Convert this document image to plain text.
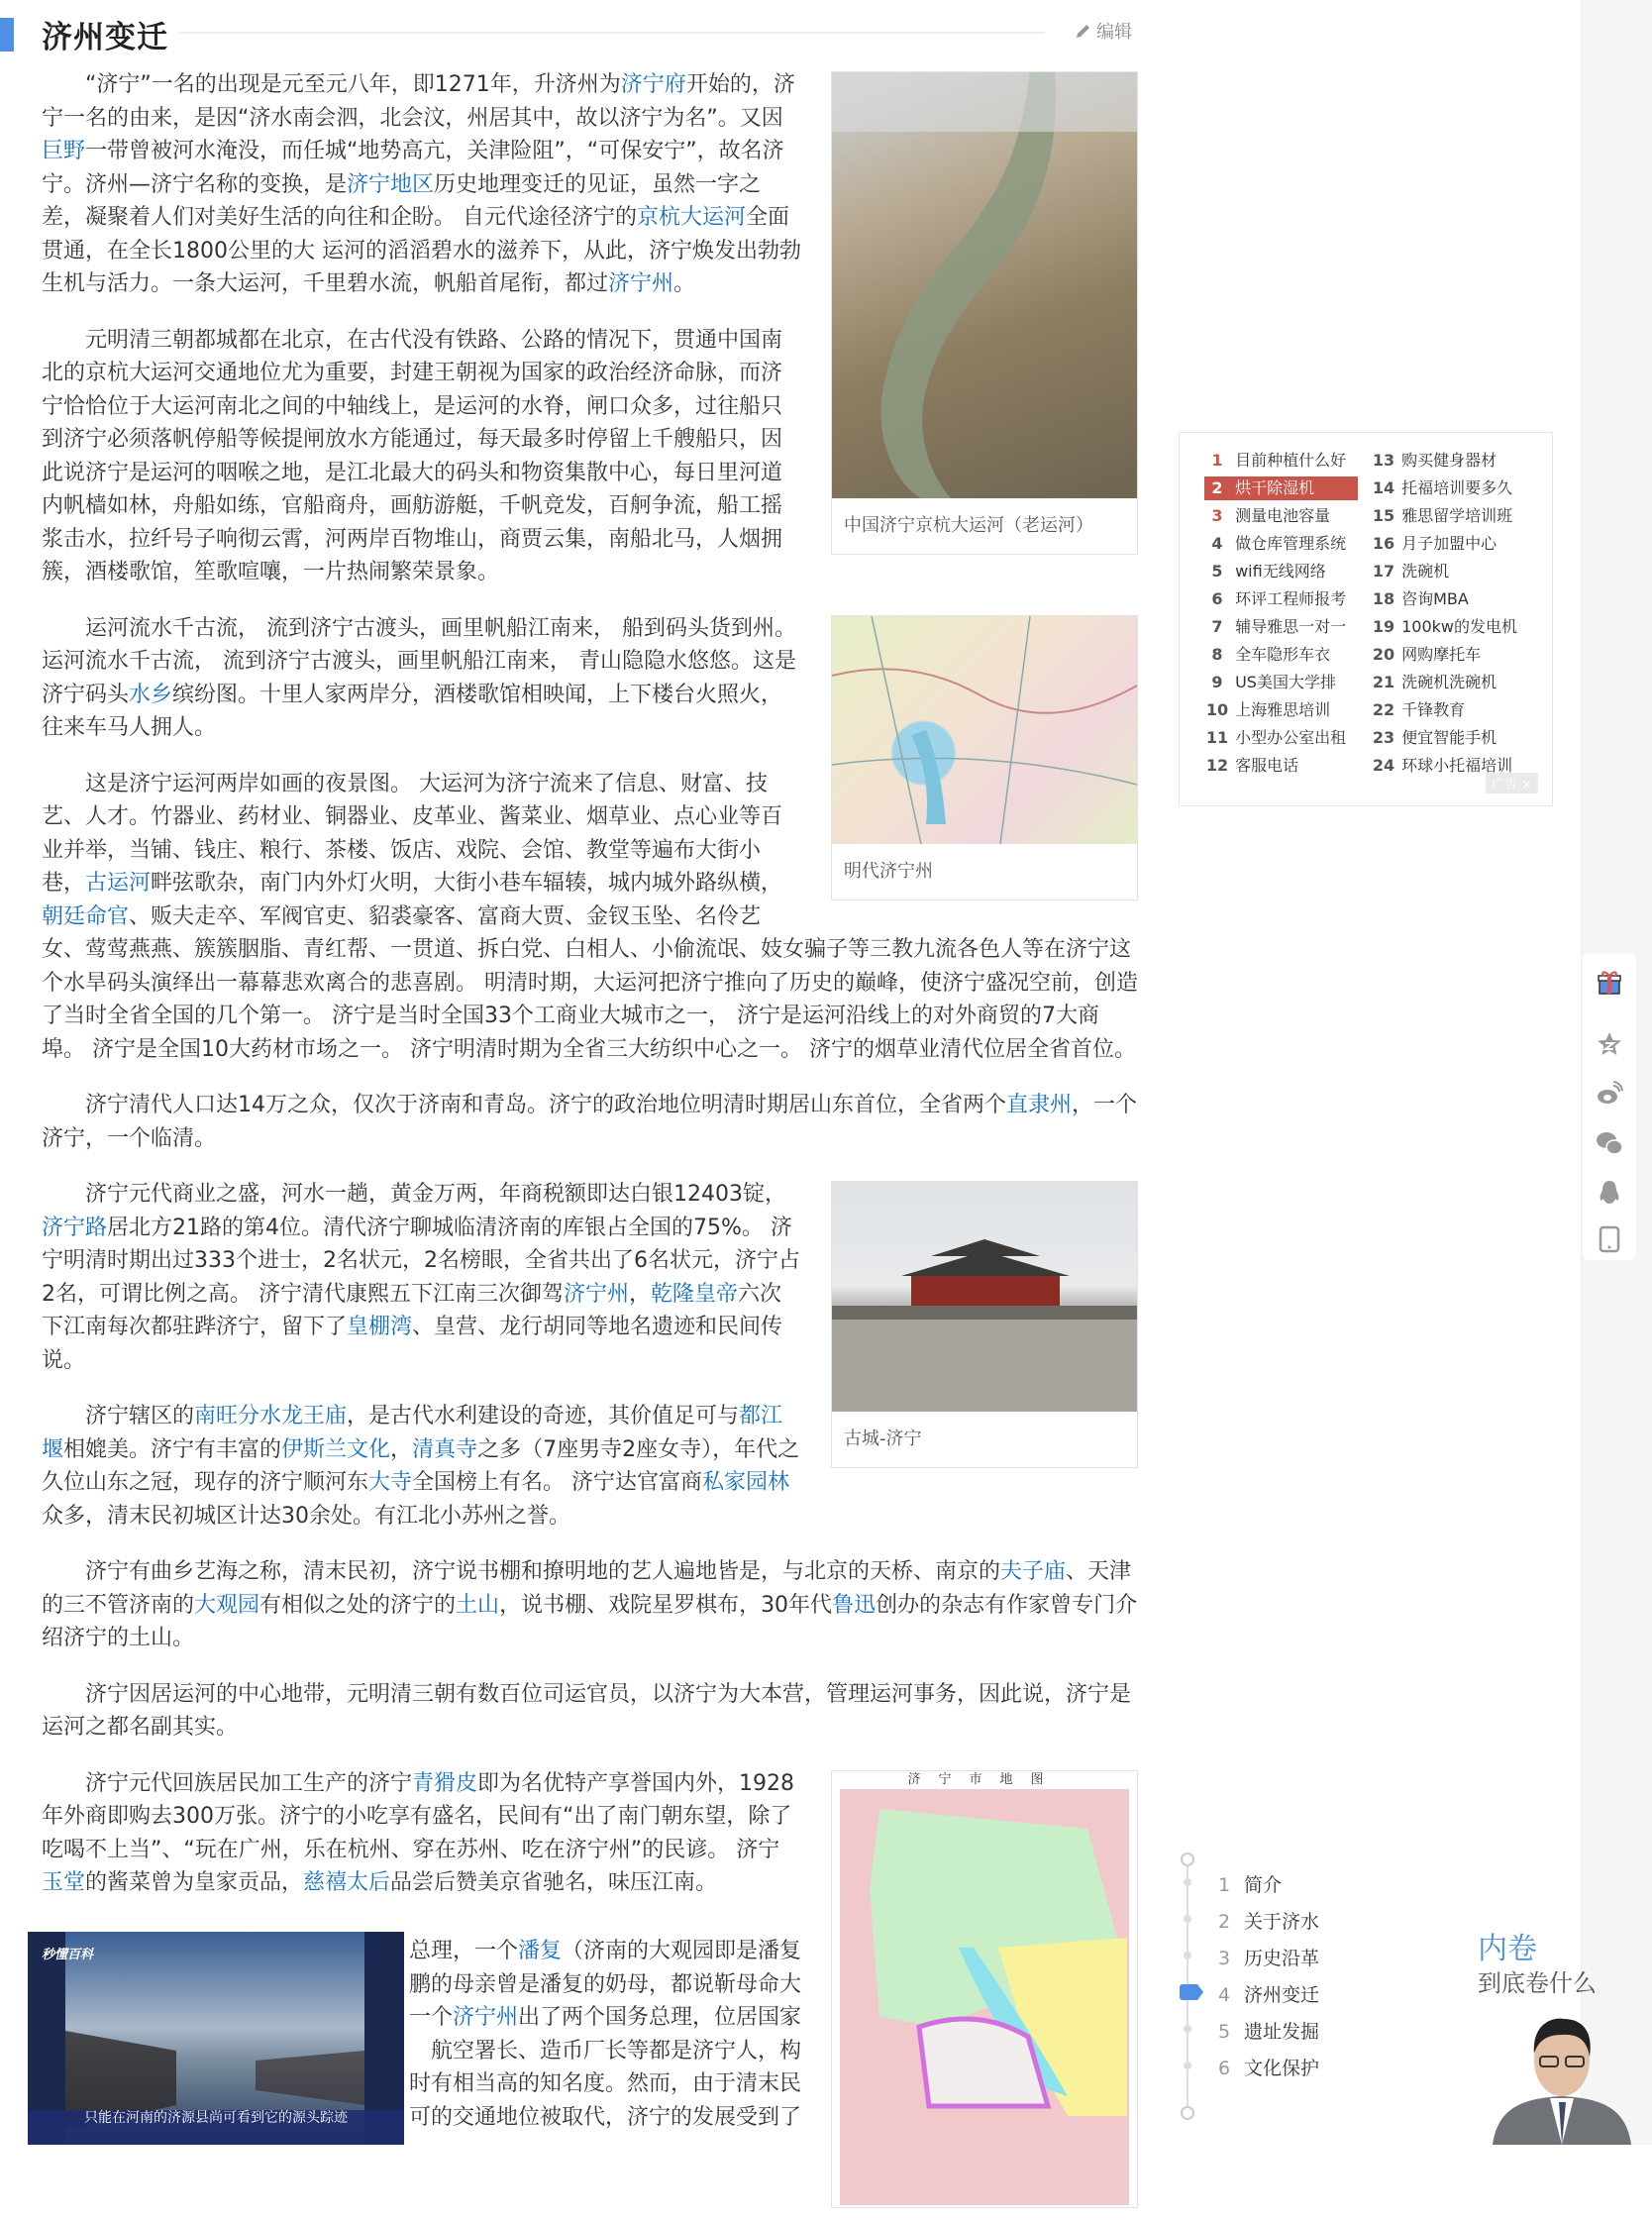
济州变迁	编辑
中国济宁京杭大运河（老运河）

“济宁”一名的出现是元至元八年，即1271年，升济州为济宁府开始的，济宁一名的由来，是因“济水南会泗，北会汶，州居其中，故以济宁为名”。又因巨野一带曾被河水淹没，而任城“地势高亢，关津险阻”，“可保安宁”，故名济宁。济州—济宁名称的变换，是济宁地区历史地理变迁的见证，虽然一字之差，凝聚着人们对美好生活的向往和企盼。 自元代途径济宁的京杭大运河全面贯通，在全长1800公里的大 运河的滔滔碧水的滋养下，从此，济宁焕发出勃勃生机与活力。一条大运河，千里碧水流，帆船首尾衔，都过济宁州。

元明清三朝都城都在北京，在古代没有铁路、公路的情况下，贯通中国南北的京杭大运河交通地位尤为重要，封建王朝视为国家的政治经济命脉，而济宁恰恰位于大运河南北之间的中轴线上，是运河的水脊，闸口众多，过往船只到济宁必须落帆停船等候提闸放水方能通过，每天最多时停留上千艘船只，因此说济宁是运河的咽喉之地，是江北最大的码头和物资集散中心，每日里河道内帆樯如林，舟船如练，官船商舟，画舫游艇，千帆竞发，百舸争流，船工摇浆击水，拉纤号子响彻云霄，河两岸百物堆山，商贾云集，南船北马，人烟拥簇，酒楼歌馆，笙歌喧嚷，一片热闹繁荣景象。

明代济宁州

运河流水千古流， 流到济宁古渡头，画里帆船江南来， 船到码头货到州。运河流水千古流， 流到济宁古渡头，画里帆船江南来， 青山隐隐水悠悠。这是济宁码头水乡缤纷图。十里人家两岸分，酒楼歌馆相映闻，上下楼台火照火，往来车马人拥人。

这是济宁运河两岸如画的夜景图。 大运河为济宁流来了信息、财富、技艺、人才。竹器业、药材业、铜器业、皮革业、酱菜业、烟草业、点心业等百业并举，当铺、钱庄、粮行、茶楼、饭店、戏院、会馆、教堂等遍布大街小巷，古运河畔弦歌杂，南门内外灯火明，大街小巷车辐辏，城内城外路纵横，朝廷命官、贩夫走卒、军阀官吏、貂裘豪客、富商大贾、金钗玉坠、名伶艺女、莺莺燕燕、簇簇胭脂、青红帮、一贯道、拆白党、白相人、小偷流氓、妓女骗子等三教九流各色人等在济宁这个水旱码头演绎出一幕幕悲欢离合的悲喜剧。 明清时期，大运河把济宁推向了历史的巅峰，使济宁盛况空前，创造了当时全省全国的几个第一。 济宁是当时全国33个工商业大城市之一， 济宁是运河沿线上的对外商贸的7大商埠。 济宁是全国10大药材市场之一。 济宁明清时期为全省三大纺织中心之一。 济宁的烟草业清代位居全省首位。

济宁清代人口达14万之众，仅次于济南和青岛。济宁的政治地位明清时期居山东首位，全省两个直隶州，一个济宁，一个临清。

古城-济宁

济宁元代商业之盛，河水一趟，黄金万两，年商税额即达白银12403锭，济宁路居北方21路的第4位。清代济宁聊城临清济南的库银占全国的75%。 济宁明清时期出过333个进士，2名状元，2名榜眼，全省共出了6名状元，济宁占2名，可谓比例之高。 济宁清代康熙五下江南三次御驾济宁州，乾隆皇帝六次下江南每次都驻跸济宁，留下了皇棚湾、皇营、龙行胡同等地名遗迹和民间传说。

济宁辖区的南旺分水龙王庙，是古代水利建设的奇迹，其价值足可与都江堰相媲美。济宁有丰富的伊斯兰文化，清真寺之多（7座男寺2座女寺），年代之久位山东之冠，现存的济宁顺河东大寺全国榜上有名。 济宁达官富商私家园林众多，清末民初城区计达30余处。有江北小苏州之誉。

济宁有曲乡艺海之称，清末民初，济宁说书棚和撩明地的艺人遍地皆是，与北京的天桥、南京的夫子庙、天津的三不管济南的大观园有相似之处的济宁的土山，说书棚、戏院星罗棋布，30年代鲁迅创办的杂志有作家曾专门介绍济宁的土山。

济宁因居运河的中心地带，元明清三朝有数百位司运官员，以济宁为大本营，管理运河事务，因此说，济宁是运河之都名副其实。

济宁市地图

济宁元代回族居民加工生产的济宁青猾皮即为名优特产享誉国内外，1928年外商即购去300万张。济宁的小吃享有盛名，民间有“出了南门朝东望，除了吃喝不上当”、“玩在广州，乐在杭州、穿在苏州、吃在济宁州”的民谚。 济宁玉堂的酱菜曾为皇家贡品，慈禧太后品尝后赞美京省驰名，味压江南。

总理，一个潘复（济南的大观园即是潘复
鹏的母亲曾是潘复的奶母，都说靳母命大
一个济宁州出了两个国务总理，位居国家
航空署长、造币厂长等都是济宁人，构
时有相当高的知名度。然而，由于清末民
可的交通地位被取代，济宁的发展受到了
秒懂百科
只能在河南的济源县尚可看到它的源头踪迹
广告 ×
1 目前种植什么好
2 烘干除湿机
3 测量电池容量
4 做仓库管理系统
5 wifi无线网络
6 环评工程师报考
7 辅导雅思一对一
8 全车隐形车衣
9 US美国大学排
10 上海雅思培训
11 小型办公室出租
12 客服电话
13 购买健身器材
14 托福培训要多久
15 雅思留学培训班
16 月子加盟中心
17 洗碗机
18 咨询MBA
19 100kw的发电机
20 网购摩托车
21 洗碗机洗碗机
22 千锋教育
23 便宜智能手机
24 环球小托福培训
1 简介
2 关于济水
3 历史沿革
4 济州变迁
5 遗址发掘
6 文化保护
内卷
到底卷什么
